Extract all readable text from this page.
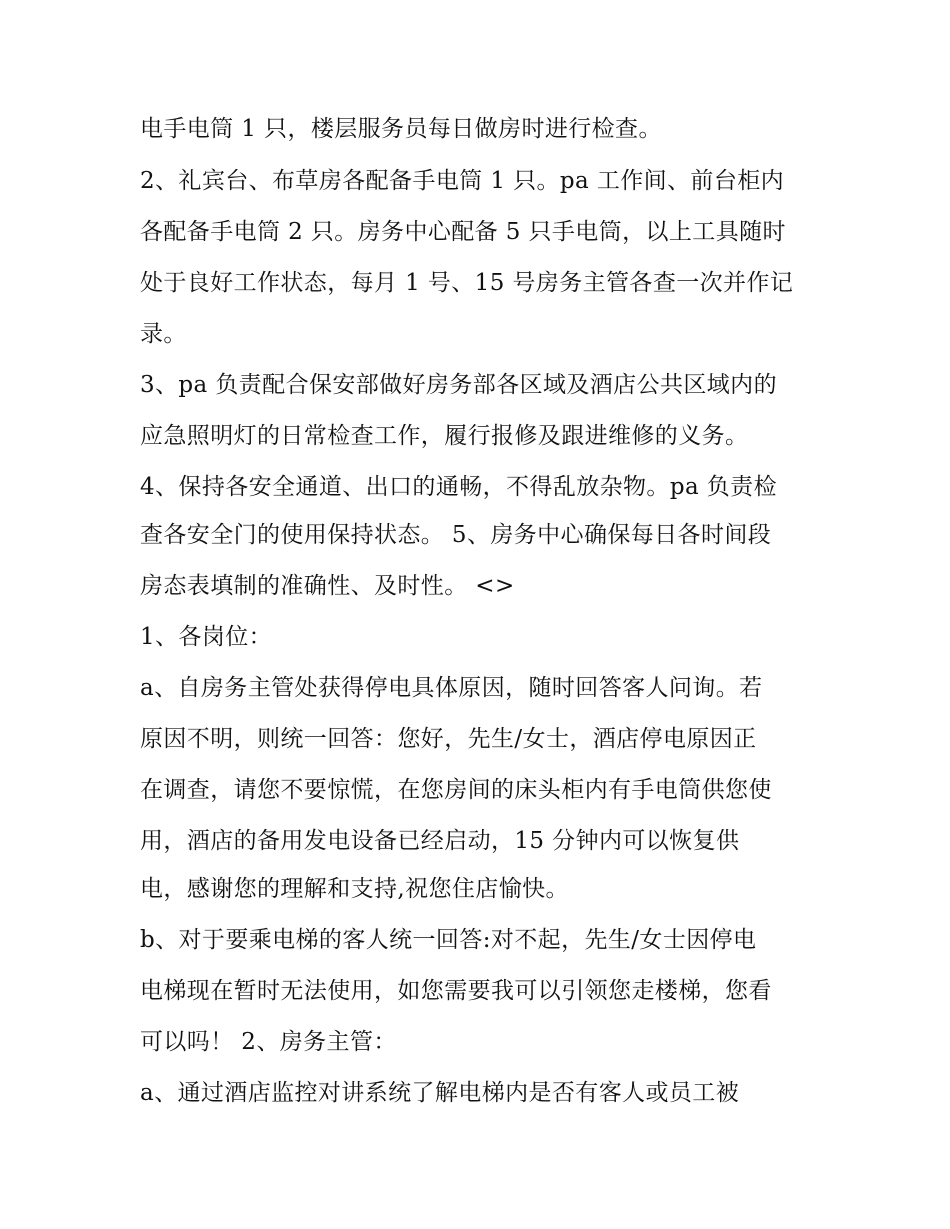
电手电筒 1 只，楼层服务员每日做房时进行检查。
2、礼宾台、布草房各配备手电筒 1 只。pa 工作间、前台柜内
各配备手电筒 2 只。房务中心配备 5 只手电筒，以上工具随时
处于良好工作状态，每月 1 号、15 号房务主管各查一次并作记
录。
3、pa 负责配合保安部做好房务部各区域及酒店公共区域内的
应急照明灯的日常检查工作，履行报修及跟进维修的义务。
4、保持各安全通道、出口的通畅，不得乱放杂物。pa 负责检
查各安全门的使用保持状态。 5、房务中心确保每日各时间段
房态表填制的准确性、及时性。 <>
1、各岗位：
a、自房务主管处获得停电具体原因，随时回答客人问询。若
原因不明，则统一回答：您好，先生/女士，酒店停电原因正
在调查，请您不要惊慌，在您房间的床头柜内有手电筒供您使
用，酒店的备用发电设备已经启动，15 分钟内可以恢复供
电，感谢您的理解和支持,祝您住店愉快。
b、对于要乘电梯的客人统一回答:对不起，先生/女士因停电
电梯现在暂时无法使用，如您需要我可以引领您走楼梯，您看
可以吗！ 2、房务主管：
a、通过酒店监控对讲系统了解电梯内是否有客人或员工被
